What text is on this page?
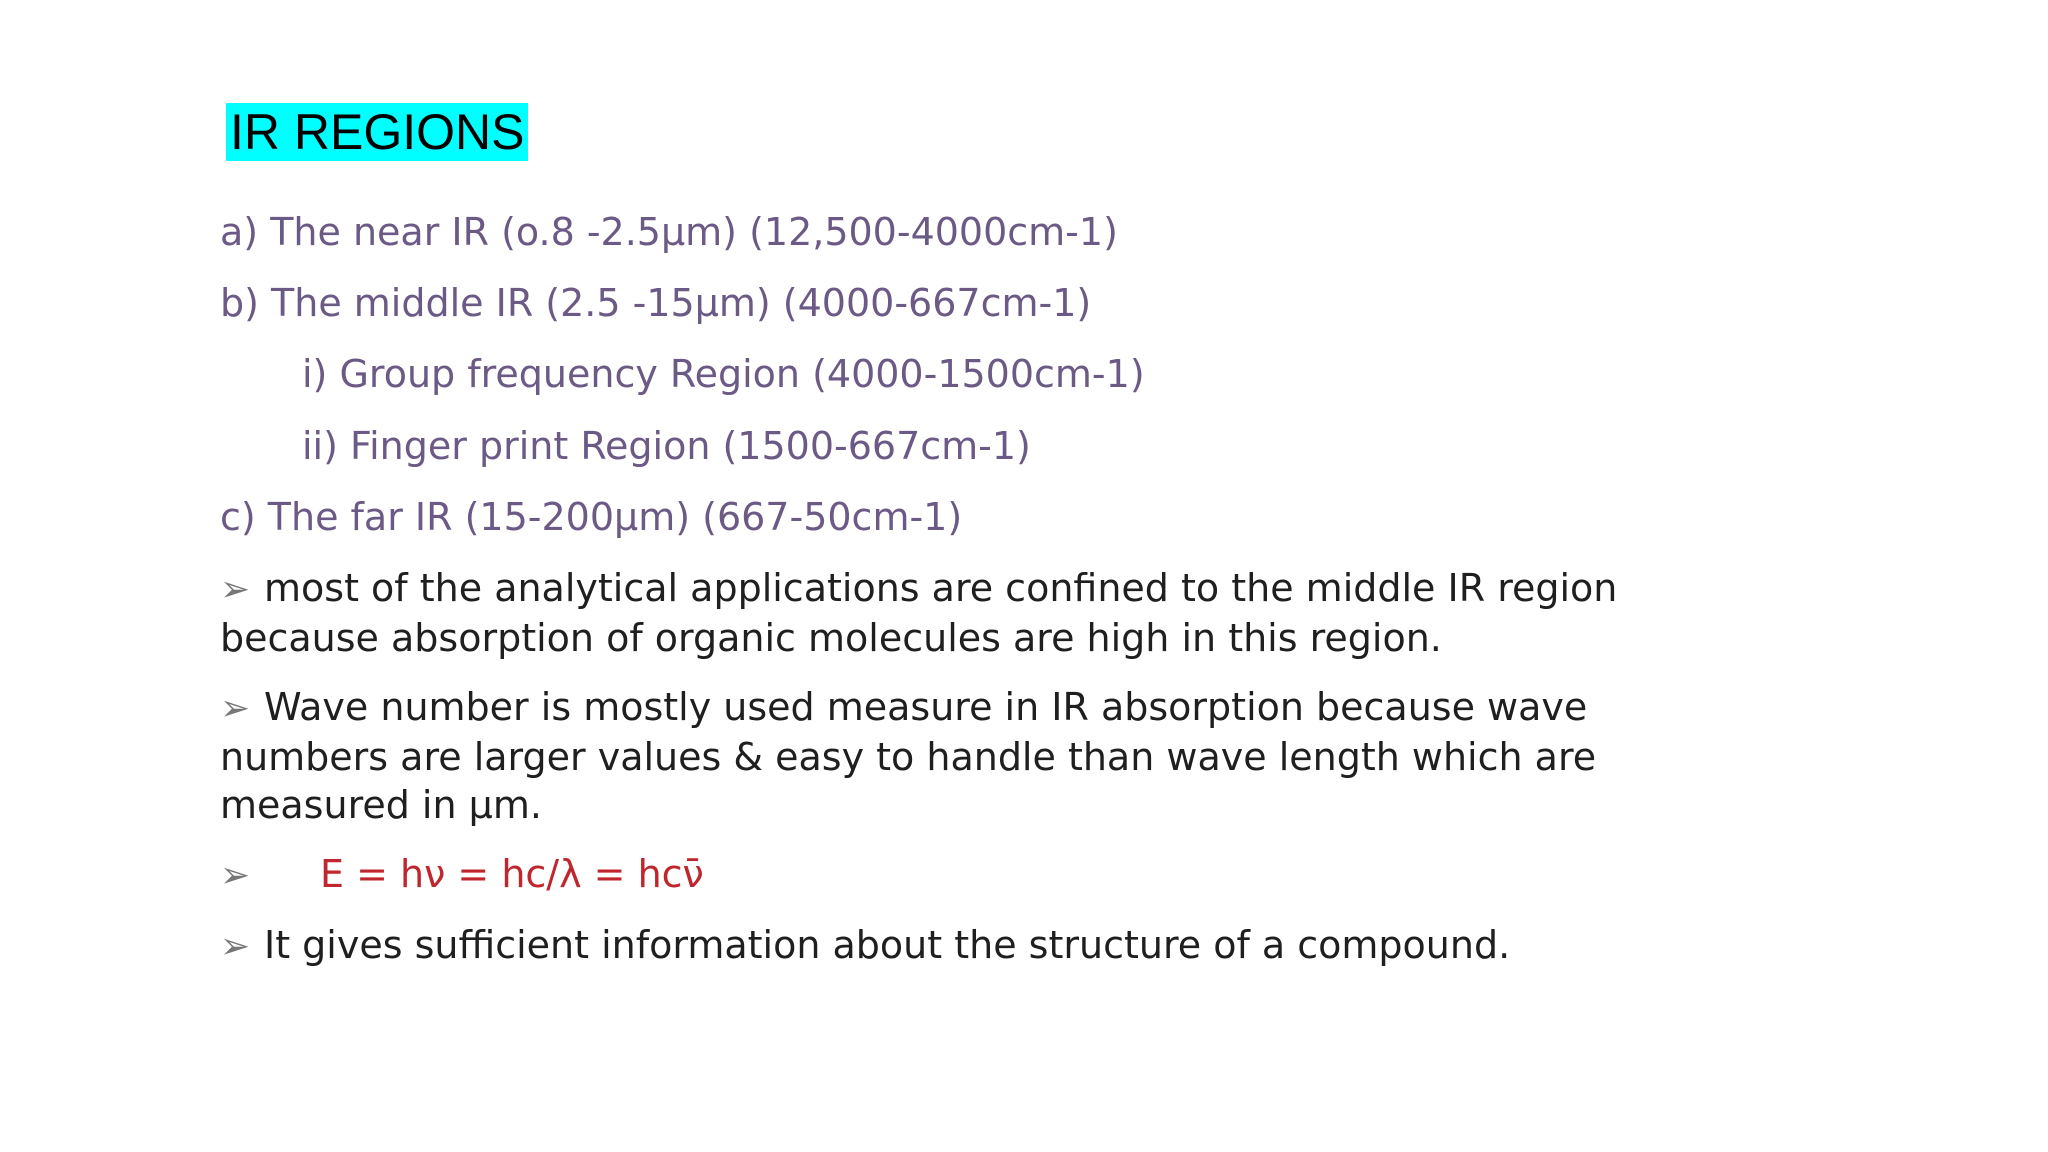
IR REGIONS
a) The near IR (o.8 -2.5µm) (12,500-4000cm-1)
b) The middle IR (2.5 -15µm) (4000-667cm-1)
i) Group frequency Region (4000-1500cm-1)
ii) Finger print Region (1500-667cm-1)
c) The far IR (15-200µm) (667-50cm-1)
➢ most of the analytical applications are confined to the middle IR region
because absorption of organic molecules are high in this region.
➢ Wave number is mostly used measure in IR absorption because wave
numbers are larger values & easy to handle than wave length which are
measured in µm.
➢ E = hν = hc/λ = hcν̄
➢ It gives sufficient information about the structure of a compound.
